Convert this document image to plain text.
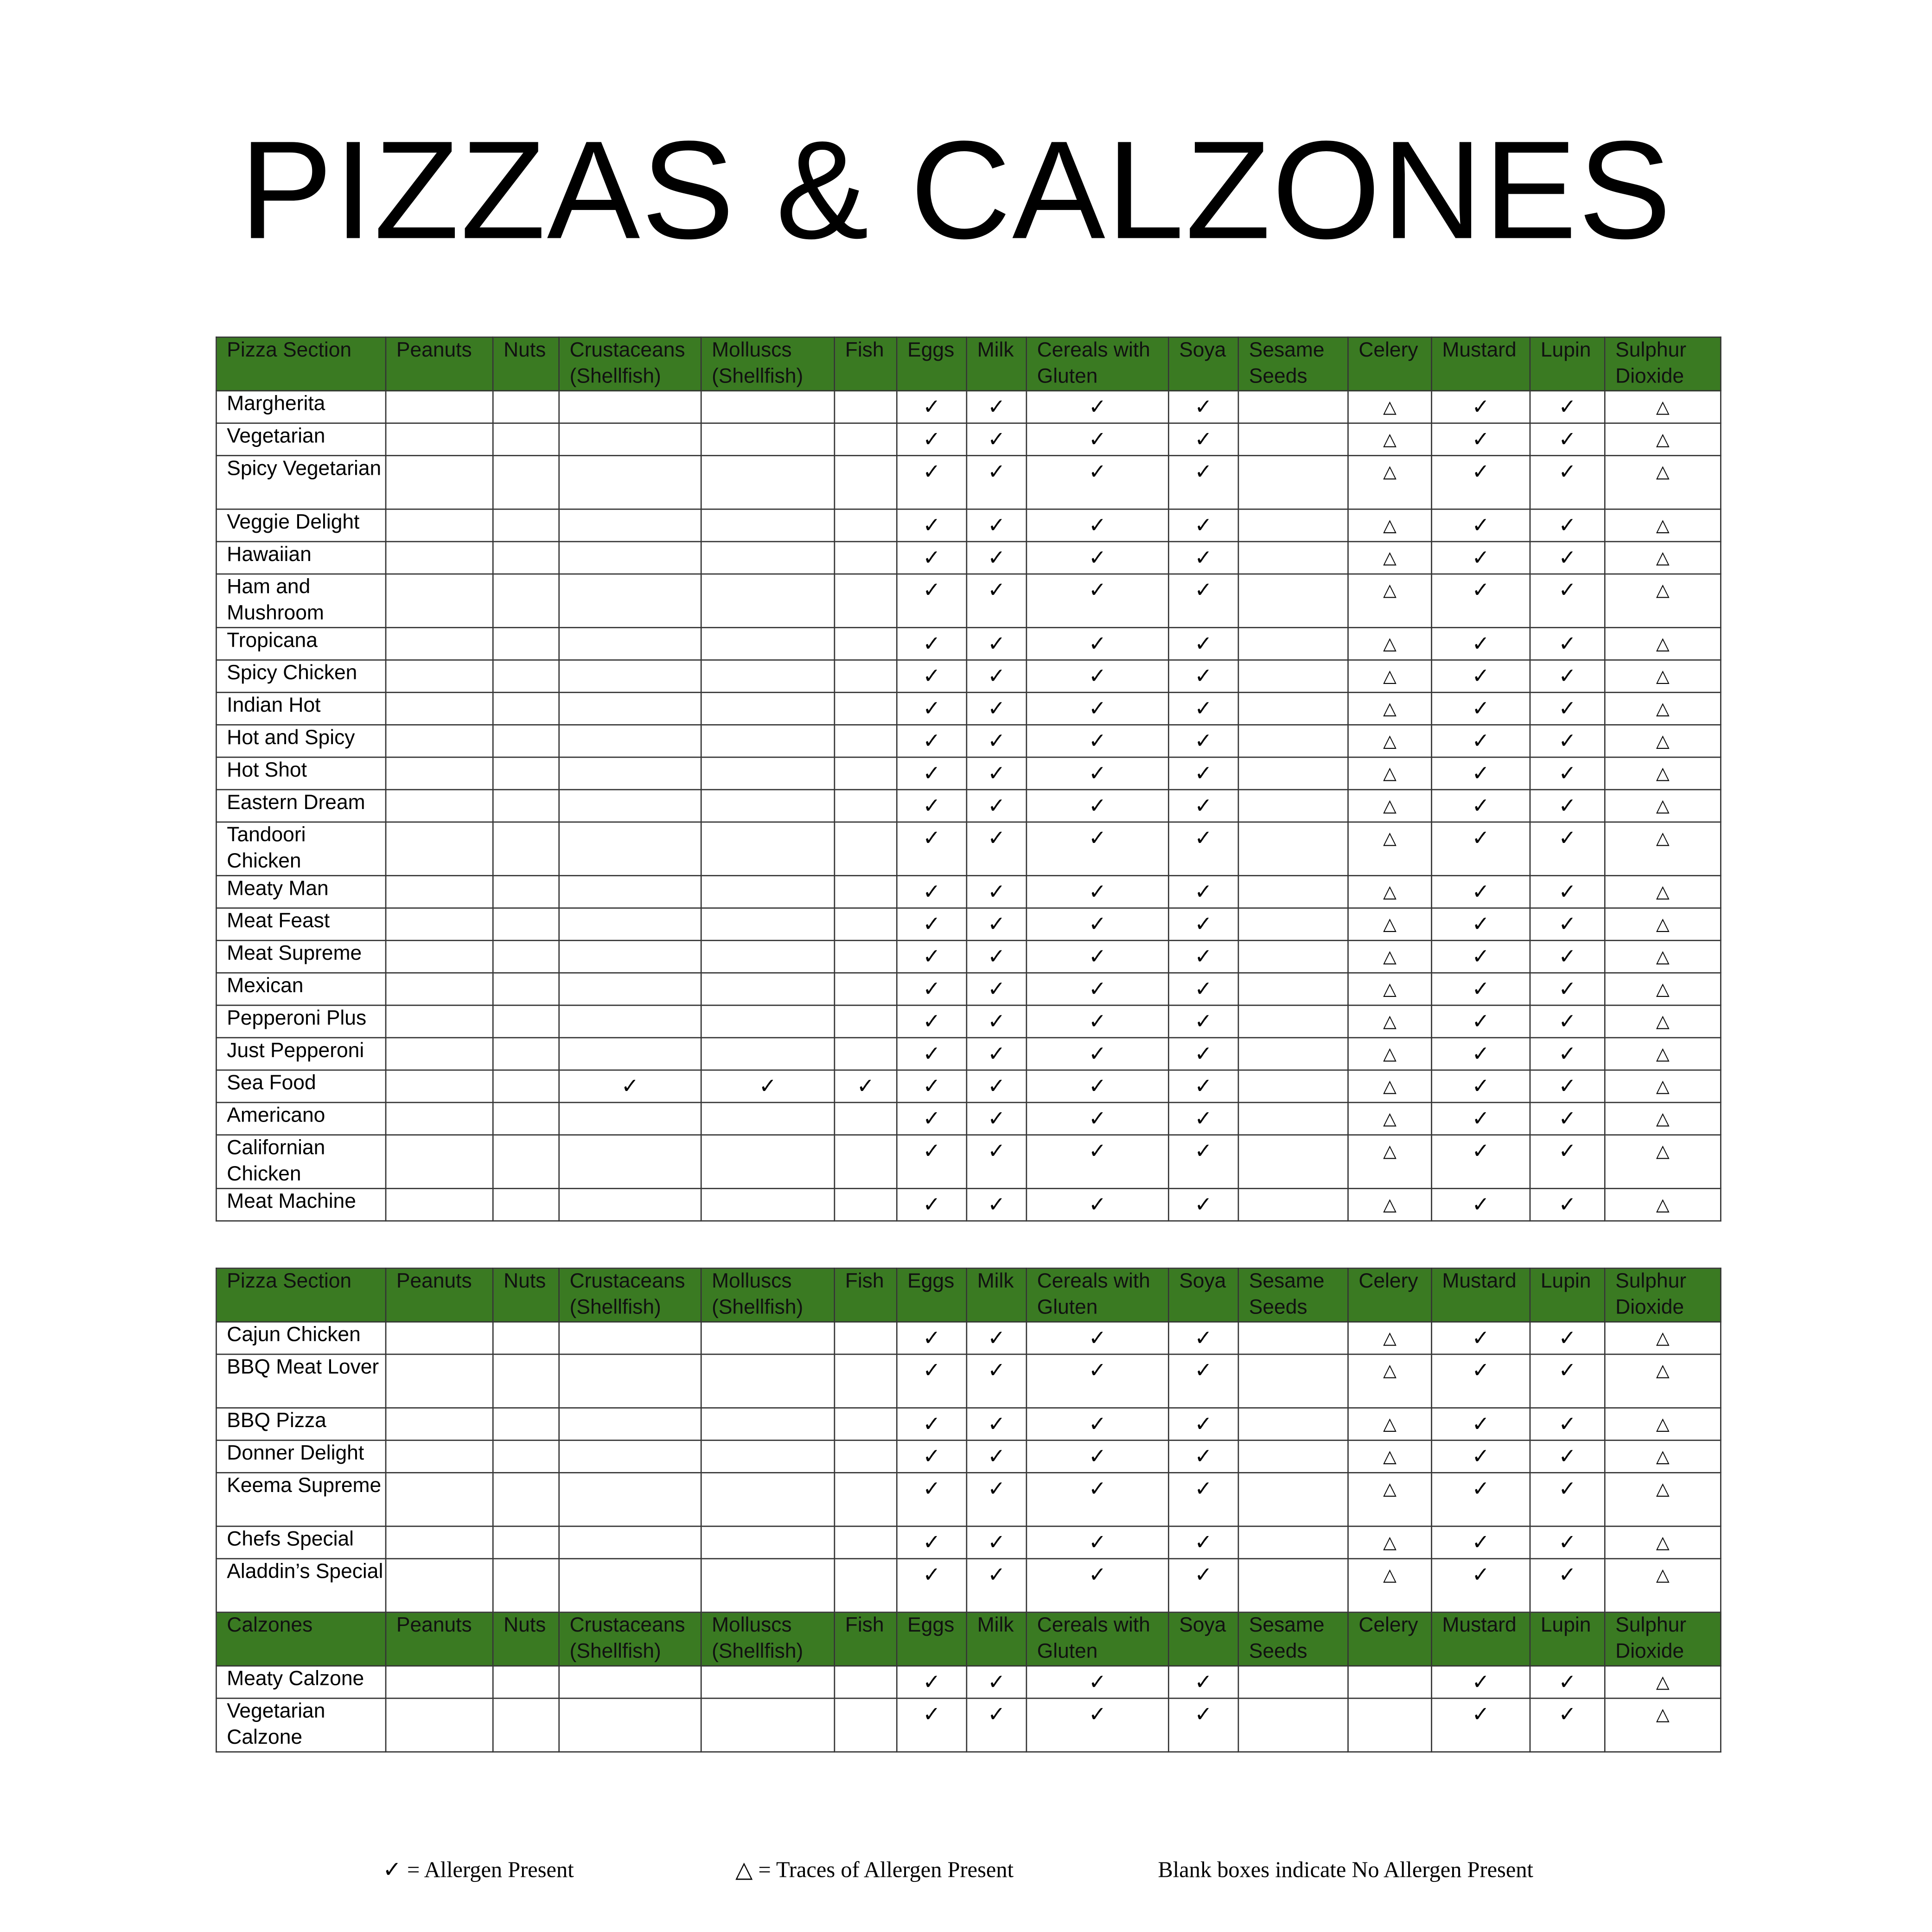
PIZZAS & CALZONES
Pizza Section	Peanuts	Nuts	Crustaceans (Shellfish)	Molluscs (Shellfish)	Fish	Eggs	Milk	Cereals with Gluten	Soya	Sesame Seeds	Celery	Mustard	Lupin	Sulphur Dioxide
Margherita						✓	✓	✓	✓		△	✓	✓	△
Vegetarian						✓	✓	✓	✓		△	✓	✓	△
Spicy Vegetarian						✓	✓	✓	✓		△	✓	✓	△
Veggie Delight						✓	✓	✓	✓		△	✓	✓	△
Hawaiian						✓	✓	✓	✓		△	✓	✓	△
Ham and Mushroom						✓	✓	✓	✓		△	✓	✓	△
Tropicana						✓	✓	✓	✓		△	✓	✓	△
Spicy Chicken						✓	✓	✓	✓		△	✓	✓	△
Indian Hot						✓	✓	✓	✓		△	✓	✓	△
Hot and Spicy						✓	✓	✓	✓		△	✓	✓	△
Hot Shot						✓	✓	✓	✓		△	✓	✓	△
Eastern Dream						✓	✓	✓	✓		△	✓	✓	△
Tandoori Chicken						✓	✓	✓	✓		△	✓	✓	△
Meaty Man						✓	✓	✓	✓		△	✓	✓	△
Meat Feast						✓	✓	✓	✓		△	✓	✓	△
Meat Supreme						✓	✓	✓	✓		△	✓	✓	△
Mexican						✓	✓	✓	✓		△	✓	✓	△
Pepperoni Plus						✓	✓	✓	✓		△	✓	✓	△
Just Pepperoni						✓	✓	✓	✓		△	✓	✓	△
Sea Food			✓	✓	✓	✓	✓	✓	✓		△	✓	✓	△
Americano						✓	✓	✓	✓		△	✓	✓	△
Californian Chicken						✓	✓	✓	✓		△	✓	✓	△
Meat Machine						✓	✓	✓	✓		△	✓	✓	△
Pizza Section	Peanuts	Nuts	Crustaceans (Shellfish)	Molluscs (Shellfish)	Fish	Eggs	Milk	Cereals with Gluten	Soya	Sesame Seeds	Celery	Mustard	Lupin	Sulphur Dioxide
Cajun Chicken						✓	✓	✓	✓		△	✓	✓	△
BBQ Meat Lover						✓	✓	✓	✓		△	✓	✓	△
BBQ Pizza						✓	✓	✓	✓		△	✓	✓	△
Donner Delight						✓	✓	✓	✓		△	✓	✓	△
Keema Supreme						✓	✓	✓	✓		△	✓	✓	△
Chefs Special						✓	✓	✓	✓		△	✓	✓	△
Aladdin’s Special						✓	✓	✓	✓		△	✓	✓	△
Calzones	Peanuts	Nuts	Crustaceans (Shellfish)	Molluscs (Shellfish)	Fish	Eggs	Milk	Cereals with Gluten	Soya	Sesame Seeds	Celery	Mustard	Lupin	Sulphur Dioxide
Meaty Calzone						✓	✓	✓	✓			✓	✓	△
Vegetarian Calzone						✓	✓	✓	✓			✓	✓	△
✓ = Allergen Present	△ = Traces of Allergen Present	Blank boxes indicate No Allergen Present
